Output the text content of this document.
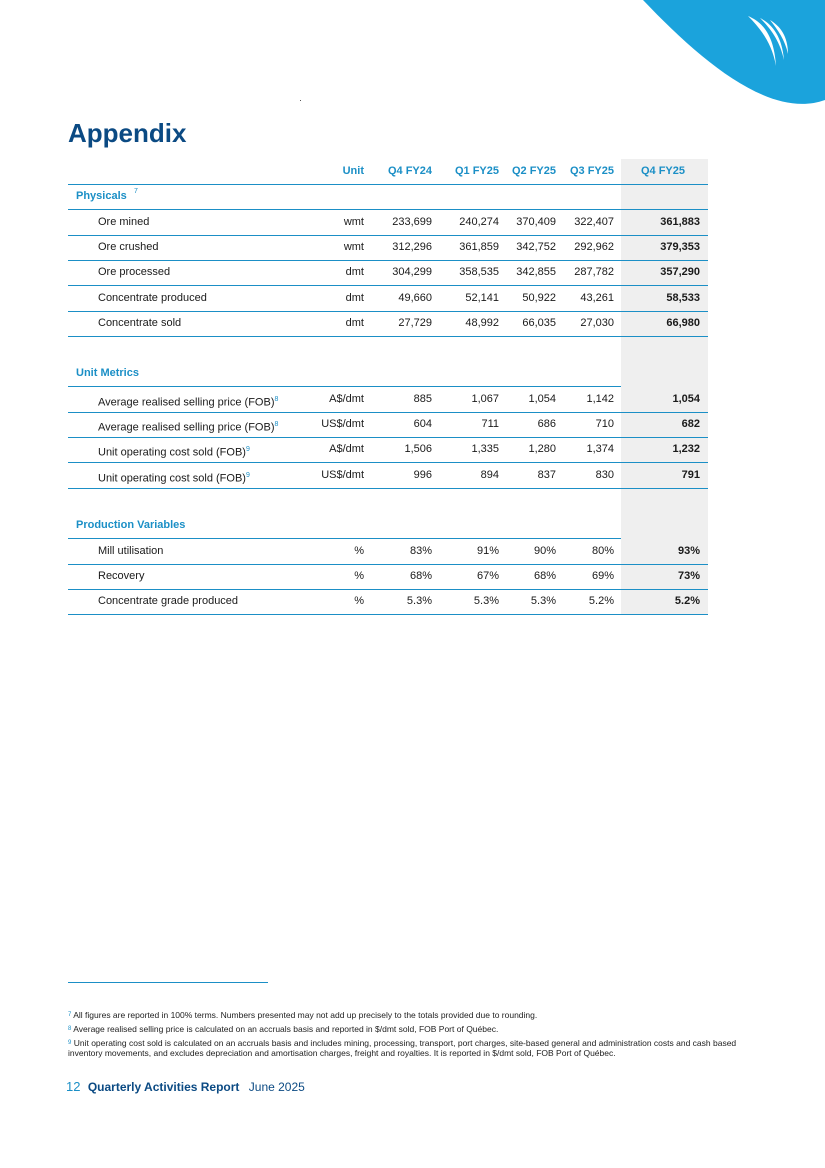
Appendix
Unit Q4 FY24 Q1 FY25 Q2 FY25 Q3 FY25 Q4 FY25
Physicals 7
Ore mined	wmt	233,699 240,274 370,409 322,407	361,883
Ore crushed	wmt	312,296 361,859 342,752 292,962	379,353
Ore processed	dmt	304,299 358,535 342,855 287,782	357,290
Concentrate produced	dmt	49,660	52,141 50,922 43,261	58,533
Concentrate sold	dmt	27,729	48,992 66,035 27,030	66,980
Unit Metrics
Average realised selling price (FOB)$^8$	A$/dmt	885	1,067	1,054	1,142	1,054
Average realised selling price (FOB)$^8$	US$/dmt	604	711	686	710	682
Unit operating cost sold (FOB)$^9$	A$/dmt	1,506	1,335	1,280	1,374	1,232
Unit operating cost sold (FOB)$^9$	US$/dmt	996	894	837	830	791
Production Variables
Mill utilisation	%	83%	91%	90%	80%	93%
Recovery	%	68%	67%	68%	69%	73%
Concentrate grade produced	%	5.3%	5.3%	5.3%	5.2%	5.2%
$^7$ All figures are reported in 100% terms. Numbers presented may not add up precisely to the totals provided due to rounding.
$^8$ Average realised selling price is calculated on an accruals basis and reported in $/dmt sold, FOB Port of Québec.
$^9$ Unit operating cost sold is calculated on an accruals basis and includes mining, processing, transport, port charges, site-based general and administration costs and cash based inventory movements, and excludes depreciation and amortisation charges, freight and royalties. It is reported in $/dmt sold, FOB Port of Québec.
12 Quarterly Activities Report June 2025
